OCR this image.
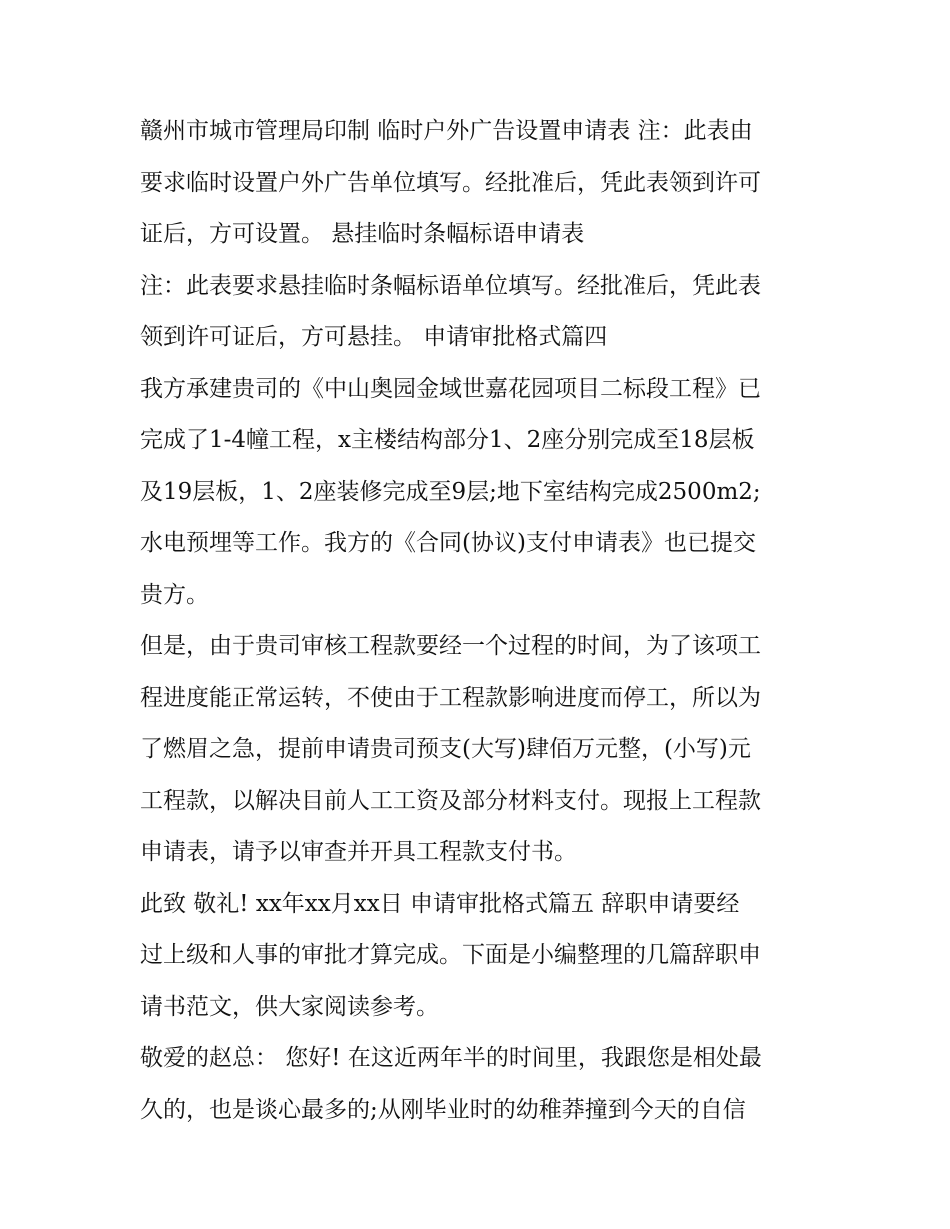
赣州市城市管理局印制 临时户外广告设置申请表 注：此表由
要求临时设置户外广告单位填写。经批准后，凭此表领到许可
证后，方可设置。 悬挂临时条幅标语申请表

注：此表要求悬挂临时条幅标语单位填写。经批准后，凭此表
领到许可证后，方可悬挂。 申请审批格式篇四

我方承建贵司的《中山奥园金域世嘉花园项目二标段工程》已
完成了1-4幢工程，x主楼结构部分1、2座分别完成至18层板
及19层板，1、2座装修完成至9层;地下室结构完成2500m2;
水电预埋等工作。我方的《合同(协议)支付申请表》也已提交
贵方。

但是，由于贵司审核工程款要经一个过程的时间，为了该项工
程进度能正常运转，不使由于工程款影响进度而停工，所以为
了燃眉之急，提前申请贵司预支(大写)肆佰万元整，(小写)元
工程款，以解决目前人工工资及部分材料支付。现报上工程款
申请表，请予以审查并开具工程款支付书。

此致 敬礼! xx年xx月xx日 申请审批格式篇五 辞职申请要经
过上级和人事的审批才算完成。下面是小编整理的几篇辞职申
请书范文，供大家阅读参考。

敬爱的赵总： 您好! 在这近两年半的时间里，我跟您是相处最
久的，也是谈心最多的;从刚毕业时的幼稚莽撞到今天的自信
